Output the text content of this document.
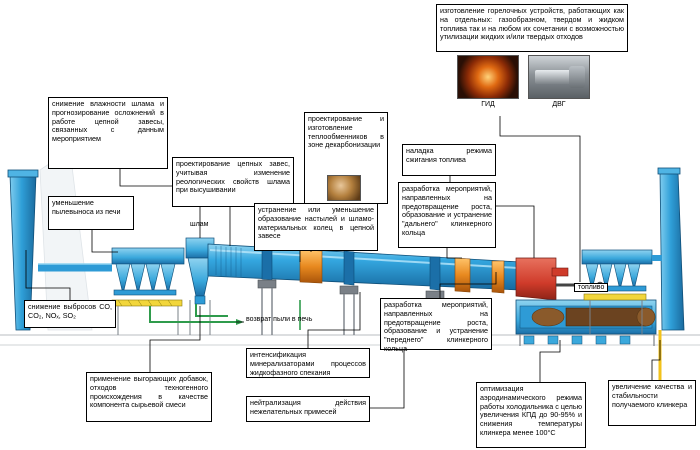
ГИД	ДВГ
изготовление горелочных устройств, работающих как на отдельных: газообразном, твердом и жидком топлива так и на любом их сочетании с возможностью утилизации жидких и/или твердых отходов
снижение влажности шлама и прогнозирование осложнений в работе цепной завесы, связанных с данным мероприятием
уменьшение пылевыноса из печи
проектирование цепных завес, учитывая изменение реологических свойств шлама при высушивании
проектирование и изготовление теплообменников в зоне декарбонизации
наладка режима сжигания топлива
устранение или уменьшение образование настылей и шламо-материальных колец в цепной завесе
разработка мероприятий, направленных на предотвращение роста, образование и устранение "дальнего" клинкерного кольца
снижение выбросов CO, CO₂, NOₓ, SO₂
разработка мероприятий, направленных на предотвращение роста, образование и устранение "переднего" клинкерного кольца
применение выгорающих добавок, отходов техногенного происхождения в качестве компонента сырьевой смеси
интенсификация минерализаторами процессов жидкофазного спекания
нейтрализация действия нежелательных примесей
оптимизация аэродинамического режима работы холодильника с целью увеличения КПД до 90-95% и снижения температуры клинкера менее 100°С
увеличение качества и стабильности получаемого клинкера
шлам
возврат пыли в печь
топливо
